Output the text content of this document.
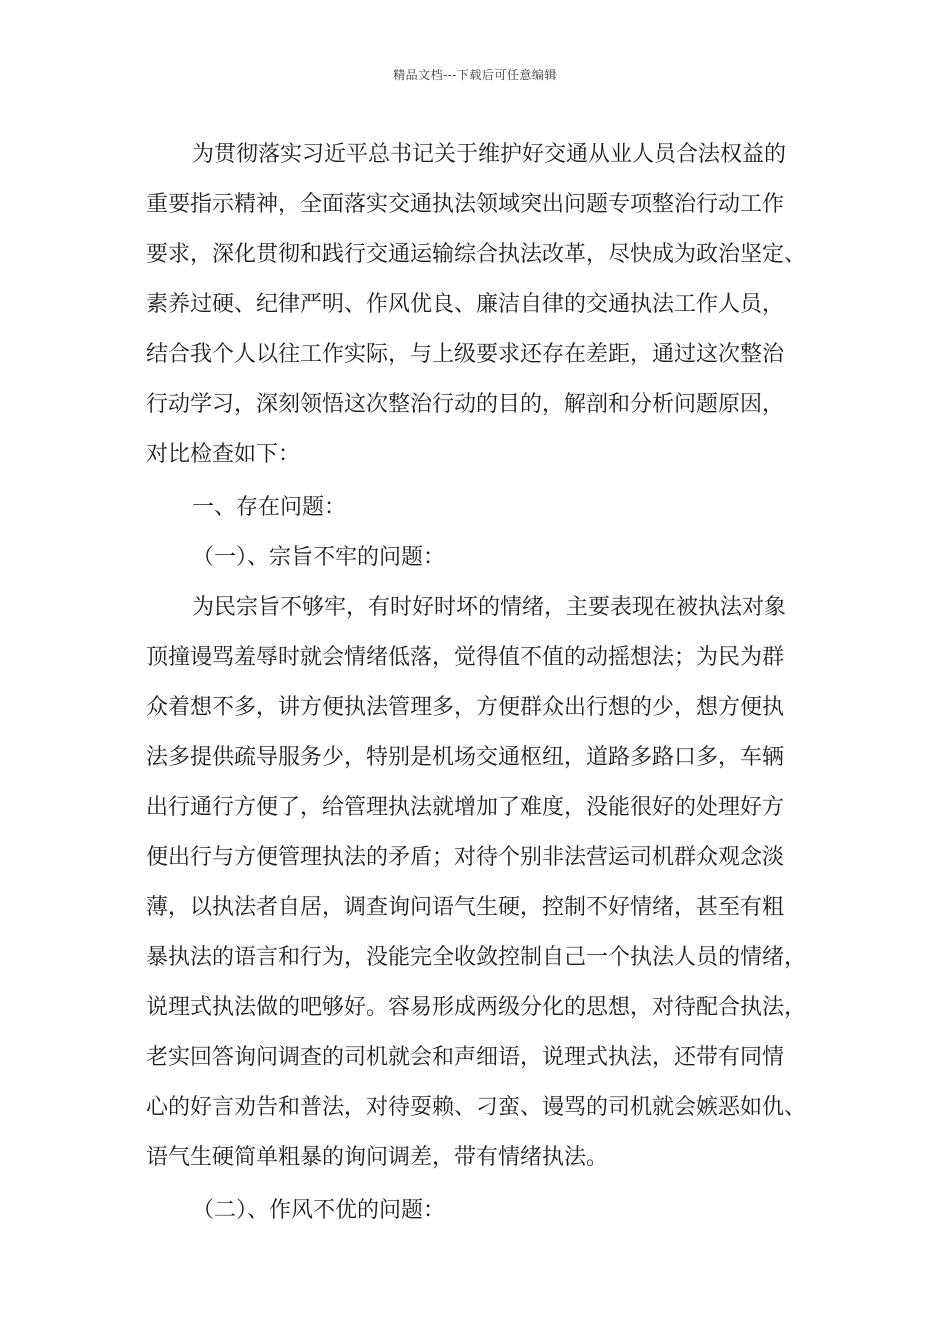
精品文档---下载后可任意编辑
为贯彻落实习近平总书记关于维护好交通从业人员合法权益的
重要指示精神，全面落实交通执法领域突出问题专项整治行动工作
要求，深化贯彻和践行交通运输综合执法改革，尽快成为政治坚定、
素养过硬、纪律严明、作风优良、廉洁自律的交通执法工作人员，
结合我个人以往工作实际，与上级要求还存在差距，通过这次整治
行动学习，深刻领悟这次整治行动的目的，解剖和分析问题原因，
对比检查如下：
一、存在问题：
（一）、宗旨不牢的问题：
为民宗旨不够牢，有时好时坏的情绪，主要表现在被执法对象
顶撞谩骂羞辱时就会情绪低落，觉得值不值的动摇想法；为民为群
众着想不多，讲方便执法管理多，方便群众出行想的少，想方便执
法多提供疏导服务少，特别是机场交通枢纽，道路多路口多，车辆
出行通行方便了，给管理执法就增加了难度，没能很好的处理好方
便出行与方便管理执法的矛盾；对待个别非法营运司机群众观念淡
薄，以执法者自居，调查询问语气生硬，控制不好情绪，甚至有粗
暴执法的语言和行为，没能完全收敛控制自己一个执法人员的情绪，
说理式执法做的吧够好。容易形成两级分化的思想，对待配合执法，
老实回答询问调查的司机就会和声细语，说理式执法，还带有同情
心的好言劝告和普法，对待耍赖、刁蛮、谩骂的司机就会嫉恶如仇、
语气生硬简单粗暴的询问调差，带有情绪执法。
（二）、作风不优的问题：
